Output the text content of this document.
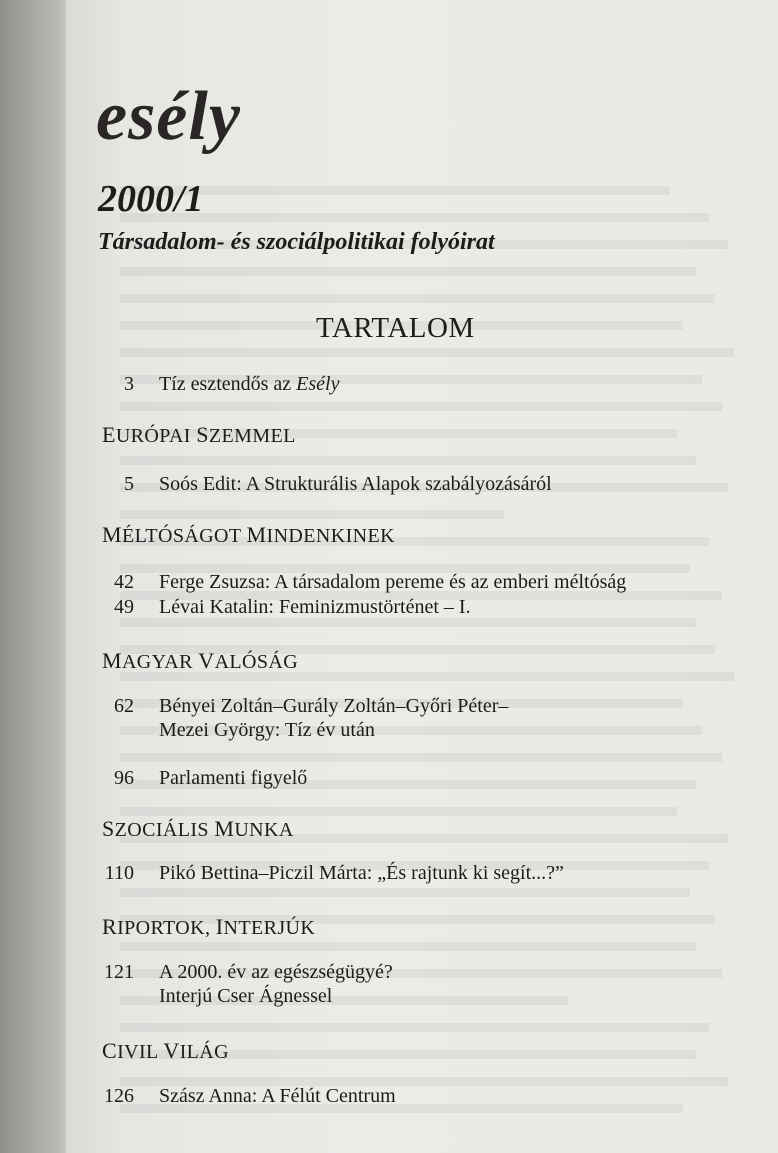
esély
2000/1
Társadalom- és szociálpolitikai folyóirat
TARTALOM
3 Tíz esztendős az Esély
EURÓPAI SZEMMEL
5 Soós Edit: A Strukturális Alapok szabályozásáról
MÉLTÓSÁGOT MINDENKINEK
42 Ferge Zsuzsa: A társadalom pereme és az emberi méltóság
49 Lévai Katalin: Feminizmustörténet – I.
MAGYAR VALÓSÁG
62 Bényei Zoltán–Gurály Zoltán–Győri Péter–
Mezei György: Tíz év után
96 Parlamenti figyelő
SZOCIÁLIS MUNKA
110 Pikó Bettina–Piczil Márta: „És rajtunk ki segít...?”
RIPORTOK, INTERJÚK
121 A 2000. év az egészségügyé?
Interjú Cser Ágnessel
CIVIL VILÁG
126 Szász Anna: A Félút Centrum
